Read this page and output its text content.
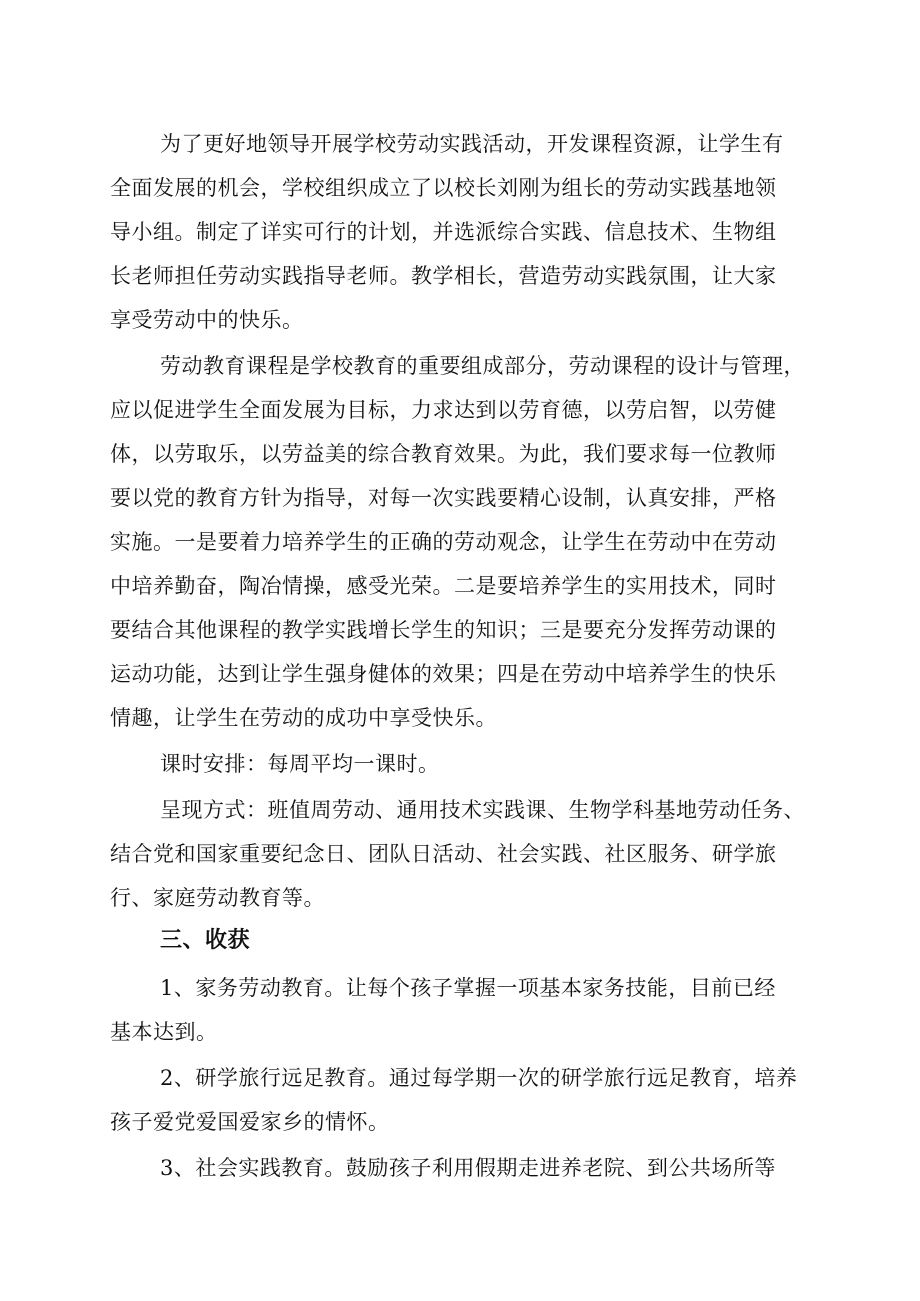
为了更好地领导开展学校劳动实践活动，开发课程资源，让学生有
全面发展的机会，学校组织成立了以校长刘刚为组长的劳动实践基地领
导小组。制定了详实可行的计划，并选派综合实践、信息技术、生物组
长老师担任劳动实践指导老师。教学相长，营造劳动实践氛围，让大家
享受劳动中的快乐。
劳动教育课程是学校教育的重要组成部分，劳动课程的设计与管理，
应以促进学生全面发展为目标，力求达到以劳育德，以劳启智，以劳健
体，以劳取乐，以劳益美的综合教育效果。为此，我们要求每一位教师
要以党的教育方针为指导，对每一次实践要精心设制，认真安排，严格
实施。一是要着力培养学生的正确的劳动观念，让学生在劳动中在劳动
中培养勤奋，陶冶情操，感受光荣。二是要培养学生的实用技术，同时
要结合其他课程的教学实践增长学生的知识；三是要充分发挥劳动课的
运动功能，达到让学生强身健体的效果；四是在劳动中培养学生的快乐
情趣，让学生在劳动的成功中享受快乐。
课时安排：每周平均一课时。
呈现方式：班值周劳动、通用技术实践课、生物学科基地劳动任务、
结合党和国家重要纪念日、团队日活动、社会实践、社区服务、研学旅
行、家庭劳动教育等。
三、收获
1、家务劳动教育。让每个孩子掌握一项基本家务技能，目前已经
基本达到。
2、研学旅行远足教育。通过每学期一次的研学旅行远足教育，培养
孩子爱党爱国爱家乡的情怀。
3、社会实践教育。鼓励孩子利用假期走进养老院、到公共场所等
